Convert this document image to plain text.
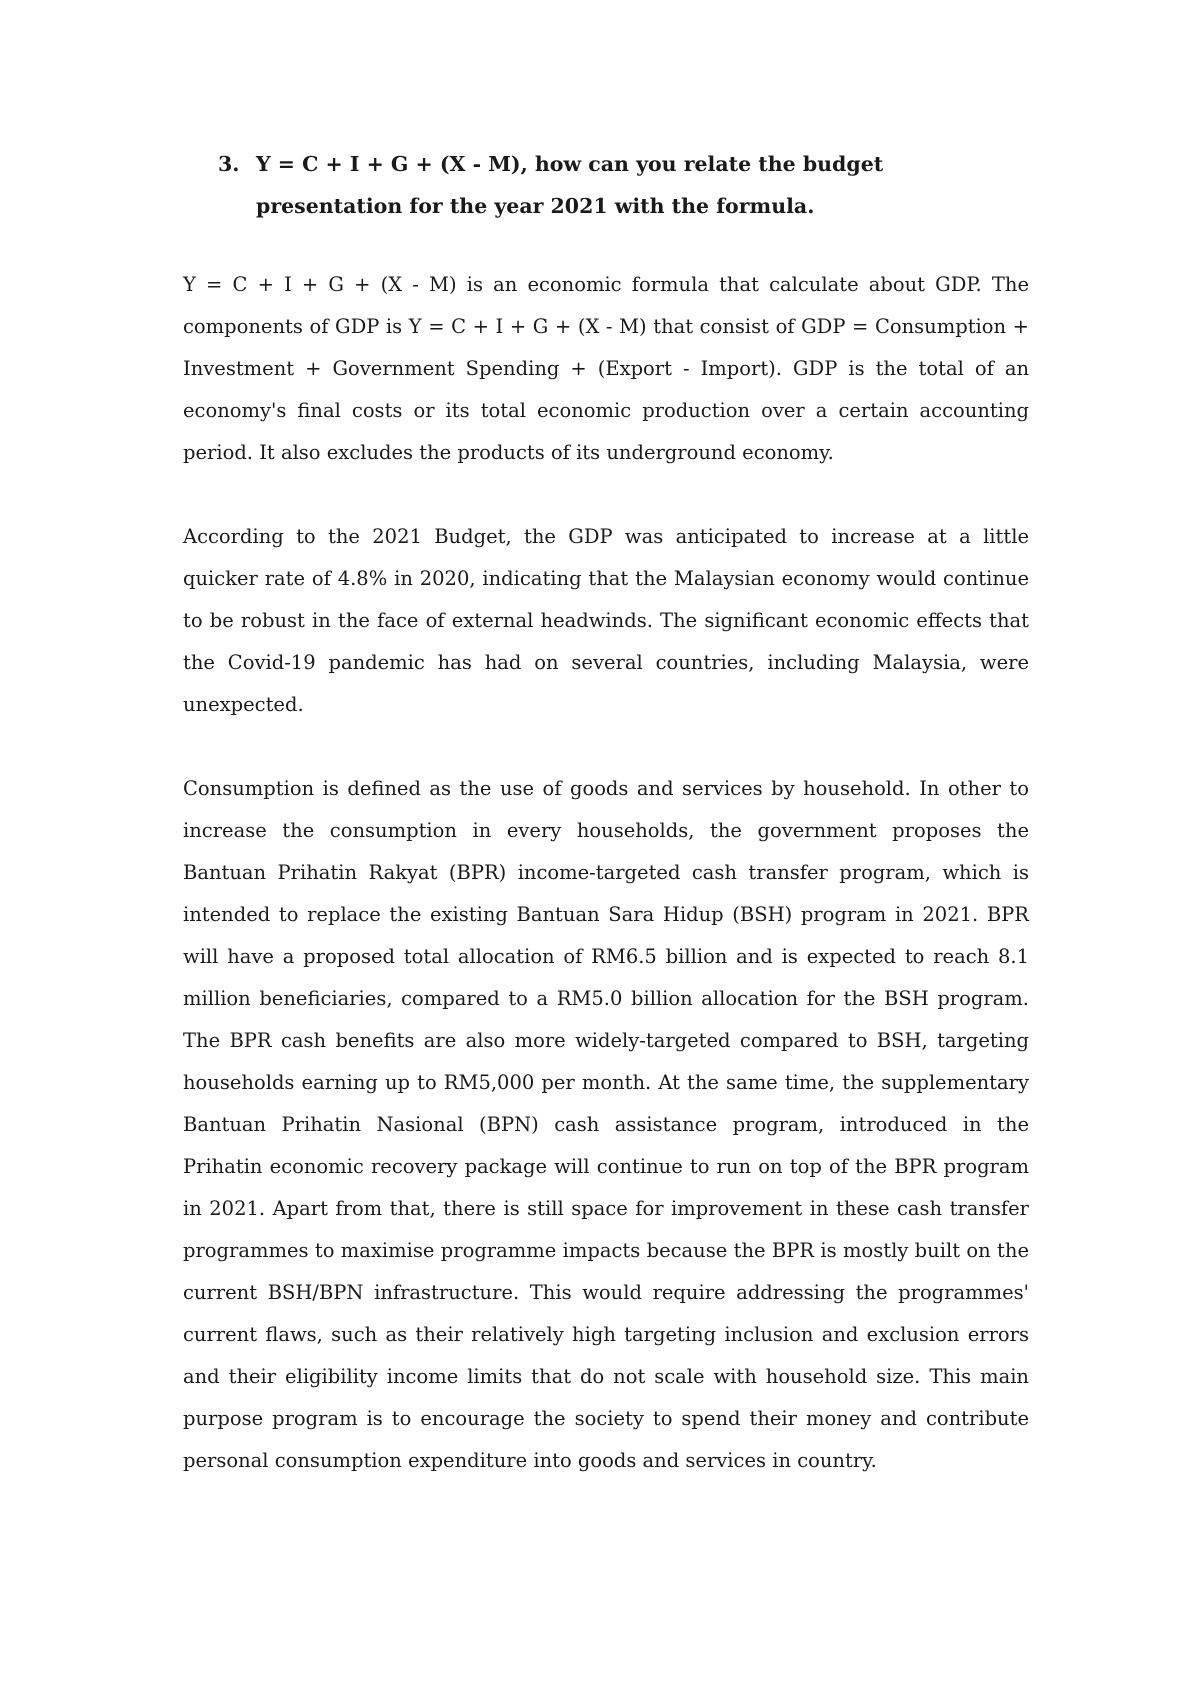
3. Y = C + I + G + (X - M), how can you relate the budget presentation for the year 2021 with the formula.

Y = C + I + G + (X - M) is an economic formula that calculate about GDP. The components of GDP is Y = C + I + G + (X - M) that consist of GDP = Consumption + Investment + Government Spending + (Export - Import). GDP is the total of an economy's final costs or its total economic production over a certain accounting period. It also excludes the products of its underground economy.

According to the 2021 Budget, the GDP was anticipated to increase at a little quicker rate of 4.8% in 2020, indicating that the Malaysian economy would continue to be robust in the face of external headwinds. The significant economic effects that the Covid-19 pandemic has had on several countries, including Malaysia, were unexpected.

Consumption is defined as the use of goods and services by household. In other to increase the consumption in every households, the government proposes the Bantuan Prihatin Rakyat (BPR) income-targeted cash transfer program, which is intended to replace the existing Bantuan Sara Hidup (BSH) program in 2021. BPR will have a proposed total allocation of RM6.5 billion and is expected to reach 8.1 million beneficiaries, compared to a RM5.0 billion allocation for the BSH program. The BPR cash benefits are also more widely-targeted compared to BSH, targeting households earning up to RM5,000 per month. At the same time, the supplementary Bantuan Prihatin Nasional (BPN) cash assistance program, introduced in the Prihatin economic recovery package will continue to run on top of the BPR program in 2021. Apart from that, there is still space for improvement in these cash transfer programmes to maximise programme impacts because the BPR is mostly built on the current BSH/BPN infrastructure. This would require addressing the programmes' current flaws, such as their relatively high targeting inclusion and exclusion errors and their eligibility income limits that do not scale with household size. This main purpose program is to encourage the society to spend their money and contribute personal consumption expenditure into goods and services in country.
